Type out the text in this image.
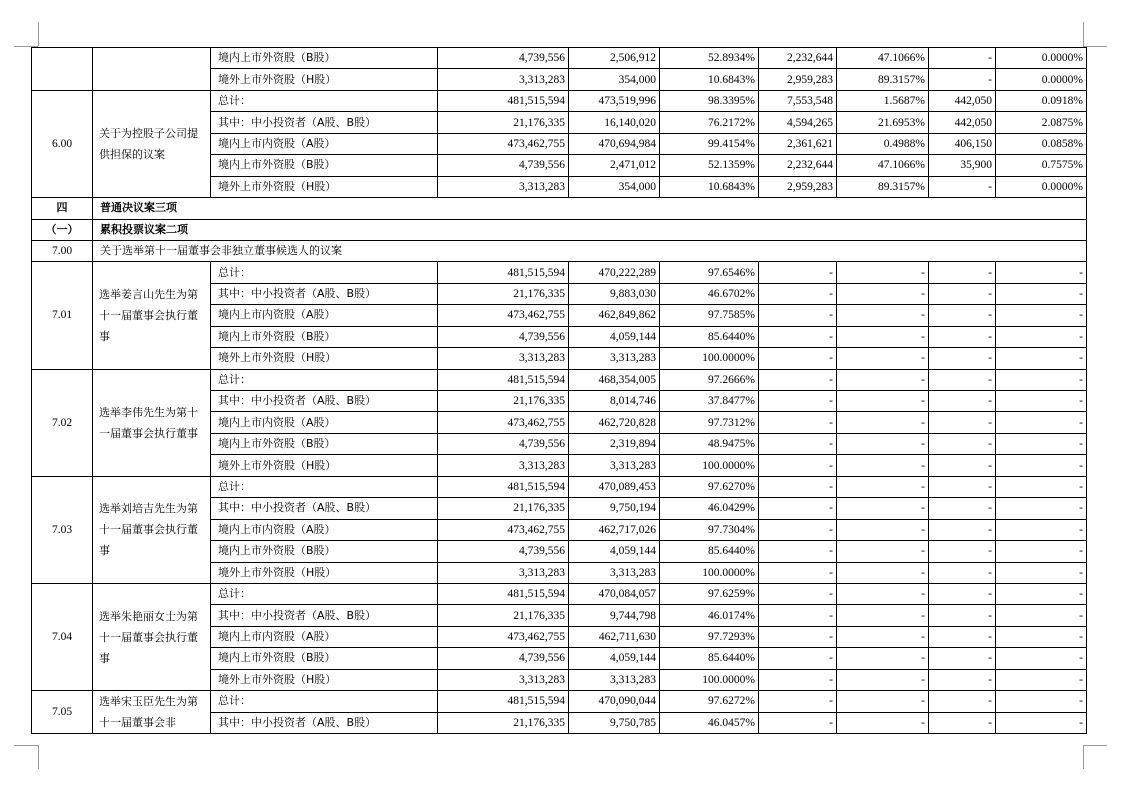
		境内上市外资股（B股）	4,739,556	2,506,912	52.8934%	2,232,644	47.1066%	-	0.0000%
		境外上市外资股（H股）	3,313,283	354,000	10.6843%	2,959,283	89.3157%	-	0.0000%
6.00	关于为控股子公司提供担保的议案	总计：	481,515,594	473,519,996	98.3395%	7,553,548	1.5687%	442,050	0.0918%
		其中：中小投资者（A股、B股）	21,176,335	16,140,020	76.2172%	4,594,265	21.6953%	442,050	2.0875%
		境内上市内资股（A股）	473,462,755	470,694,984	99.4154%	2,361,621	0.4988%	406,150	0.0858%
		境内上市外资股（B股）	4,739,556	2,471,012	52.1359%	2,232,644	47.1066%	35,900	0.7575%
		境外上市外资股（H股）	3,313,283	354,000	10.6843%	2,959,283	89.3157%	-	0.0000%
四	普通决议案三项								
（一）	累积投票议案二项								
7.00	关于选举第十一届董事会非独立董事候选人的议案								
7.01	选举姜言山先生为第十一届董事会执行董事	总计：	481,515,594	470,222,289	97.6546%	-	-	-	-
		其中：中小投资者（A股、B股）	21,176,335	9,883,030	46.6702%	-	-	-	-
		境内上市内资股（A股）	473,462,755	462,849,862	97.7585%	-	-	-	-
		境内上市外资股（B股）	4,739,556	4,059,144	85.6440%	-	-	-	-
		境外上市外资股（H股）	3,313,283	3,313,283	100.0000%	-	-	-	-
7.02	选举李伟先生为第十一届董事会执行董事	总计：	481,515,594	468,354,005	97.2666%	-	-	-	-
		其中：中小投资者（A股、B股）	21,176,335	8,014,746	37.8477%	-	-	-	-
		境内上市内资股（A股）	473,462,755	462,720,828	97.7312%	-	-	-	-
		境内上市外资股（B股）	4,739,556	2,319,894	48.9475%	-	-	-	-
		境外上市外资股（H股）	3,313,283	3,313,283	100.0000%	-	-	-	-
7.03	选举刘培吉先生为第十一届董事会执行董事	总计：	481,515,594	470,089,453	97.6270%	-	-	-	-
		其中：中小投资者（A股、B股）	21,176,335	9,750,194	46.0429%	-	-	-	-
		境内上市内资股（A股）	473,462,755	462,717,026	97.7304%	-	-	-	-
		境内上市外资股（B股）	4,739,556	4,059,144	85.6440%	-	-	-	-
		境外上市外资股（H股）	3,313,283	3,313,283	100.0000%	-	-	-	-
7.04	选举朱艳丽女士为第十一届董事会执行董事	总计：	481,515,594	470,084,057	97.6259%	-	-	-	-
		其中：中小投资者（A股、B股）	21,176,335	9,744,798	46.0174%	-	-	-	-
		境内上市内资股（A股）	473,462,755	462,711,630	97.7293%	-	-	-	-
		境内上市外资股（B股）	4,739,556	4,059,144	85.6440%	-	-	-	-
		境外上市外资股（H股）	3,313,283	3,313,283	100.0000%	-	-	-	-
7.05	选举宋玉臣先生为第十一届董事会非	总计：	481,515,594	470,090,044	97.6272%	-	-	-	-
		其中：中小投资者（A股、B股）	21,176,335	9,750,785	46.0457%	-	-	-	-
